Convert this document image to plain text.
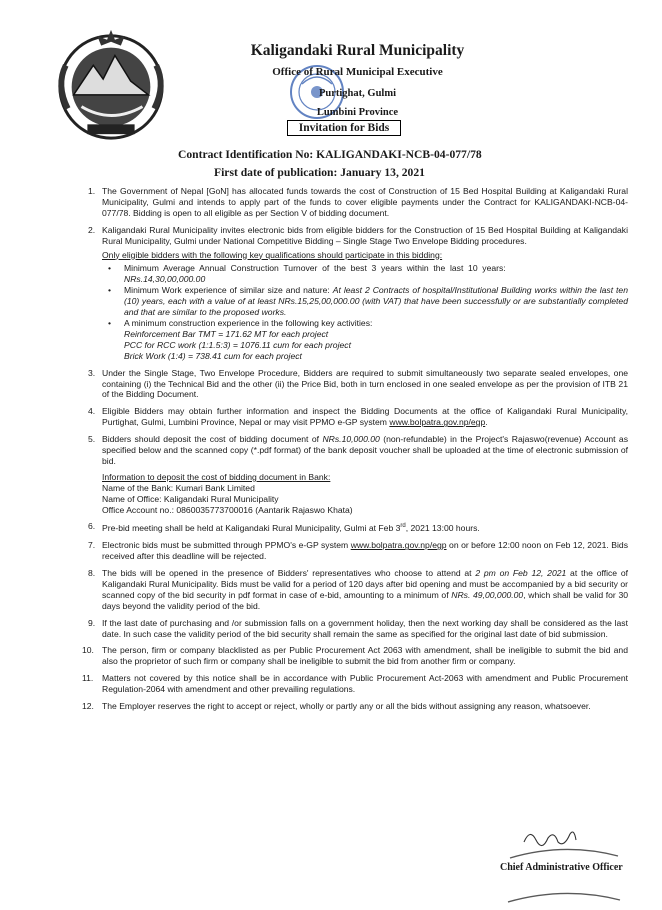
Kaligandaki Rural Municipality
Office of Rural Municipal Executive
Purtighat, Gulmi
Lumbini Province
Invitation for Bids
Contract Identification No: KALIGANDAKI-NCB-04-077/78
First date of publication: January 13, 2021
1. The Government of Nepal [GoN] has allocated funds towards the cost of Construction of 15 Bed Hospital Building at Kaligandaki Rural Municipality, Gulmi and intends to apply part of the funds to cover eligible payments under the Contract for KALIGANDAKI-NCB-04-077/78. Bidding is open to all eligible as per Section V of bidding document.

2. Kaligandaki Rural Municipality invites electronic bids from eligible bidders for the Construction of 15 Bed Hospital Building at Kaligandaki Rural Municipality, Gulmi under National Competitive Bidding – Single Stage Two Envelope Bidding procedures.

Only eligible bidders with the following key qualifications should participate in this bidding:

• Minimum Average Annual Construction Turnover of the best 3 years within the last 10 years:

NRs.14,30,00,000.00

• Minimum Work experience of similar size and nature: At least 2 Contracts of hospital/Institutional Building works within the last ten (10) years, each with a value of at least NRs.15,25,00,000.00 (with VAT) that have been successfully or are substantially completed and that are similar to the proposed works.

• A minimum construction experience in the following key activities:

Reinforcement Bar TMT = 171.62 MT for each project

PCC for RCC work (1:1.5:3) = 1076.11 cum for each project

Brick Work (1:4) = 738.41 cum for each project

3. Under the Single Stage, Two Envelope Procedure, Bidders are required to submit simultaneously two separate sealed envelopes, one containing (i) the Technical Bid and the other (ii) the Price Bid, both in turn enclosed in one sealed envelope as per the provision of ITB 21 of the Bidding Document.

4. Eligible Bidders may obtain further information and inspect the Bidding Documents at the office of Kaligandaki Rural Municipality, Purtighat, Gulmi, Lumbini Province, Nepal or may visit PPMO e-GP system www.bolpatra.gov.np/egp.

5. Bidders should deposit the cost of bidding document of NRs.10,000.00 (non-refundable) in the Project's Rajaswo(revenue) Account as specified below and the scanned copy (*.pdf format) of the bank deposit voucher shall be uploaded at the time of electronic submission of bid.

Information to deposit the cost of bidding document in Bank:

Name of the Bank: Kumari Bank Limited

Name of Office: Kaligandaki Rural Municipality

Office Account no.: 0860035773700016 (Aantarik Rajaswo Khata)

6. Pre-bid meeting shall be held at Kaligandaki Rural Municipality, Gulmi at Feb 3rd, 2021 13:00 hours.

7. Electronic bids must be submitted through PPMO's e-GP system www.bolpatra.gov.np/egp on or before 12:00 noon on Feb 12, 2021. Bids received after this deadline will be rejected.

8. The bids will be opened in the presence of Bidders' representatives who choose to attend at 2 pm on Feb 12, 2021 at the office of Kaligandaki Rural Municipality. Bids must be valid for a period of 120 days after bid opening and must be accompanied by a bid security or scanned copy of the bid security in pdf format in case of e-bid, amounting to a minimum of NRs. 49,00,000.00, which shall be valid for 30 days beyond the validity period of the bid.

9. If the last date of purchasing and /or submission falls on a government holiday, then the next working day shall be considered as the last date. In such case the validity period of the bid security shall remain the same as specified for the original last date of bid submission.

10. The person, firm or company blacklisted as per Public Procurement Act 2063 with amendment, shall be ineligible to submit the bid and also the proprietor of such firm or company shall be ineligible to submit the bid from another firm or company.

11. Matters not covered by this notice shall be in accordance with Public Procurement Act-2063 with amendment and Public Procurement Regulation-2064 with amendment and other prevailing regulations.

12. The Employer reserves the right to accept or reject, wholly or partly any or all the bids without assigning any reason, whatsoever.

Chief Administrative Officer
